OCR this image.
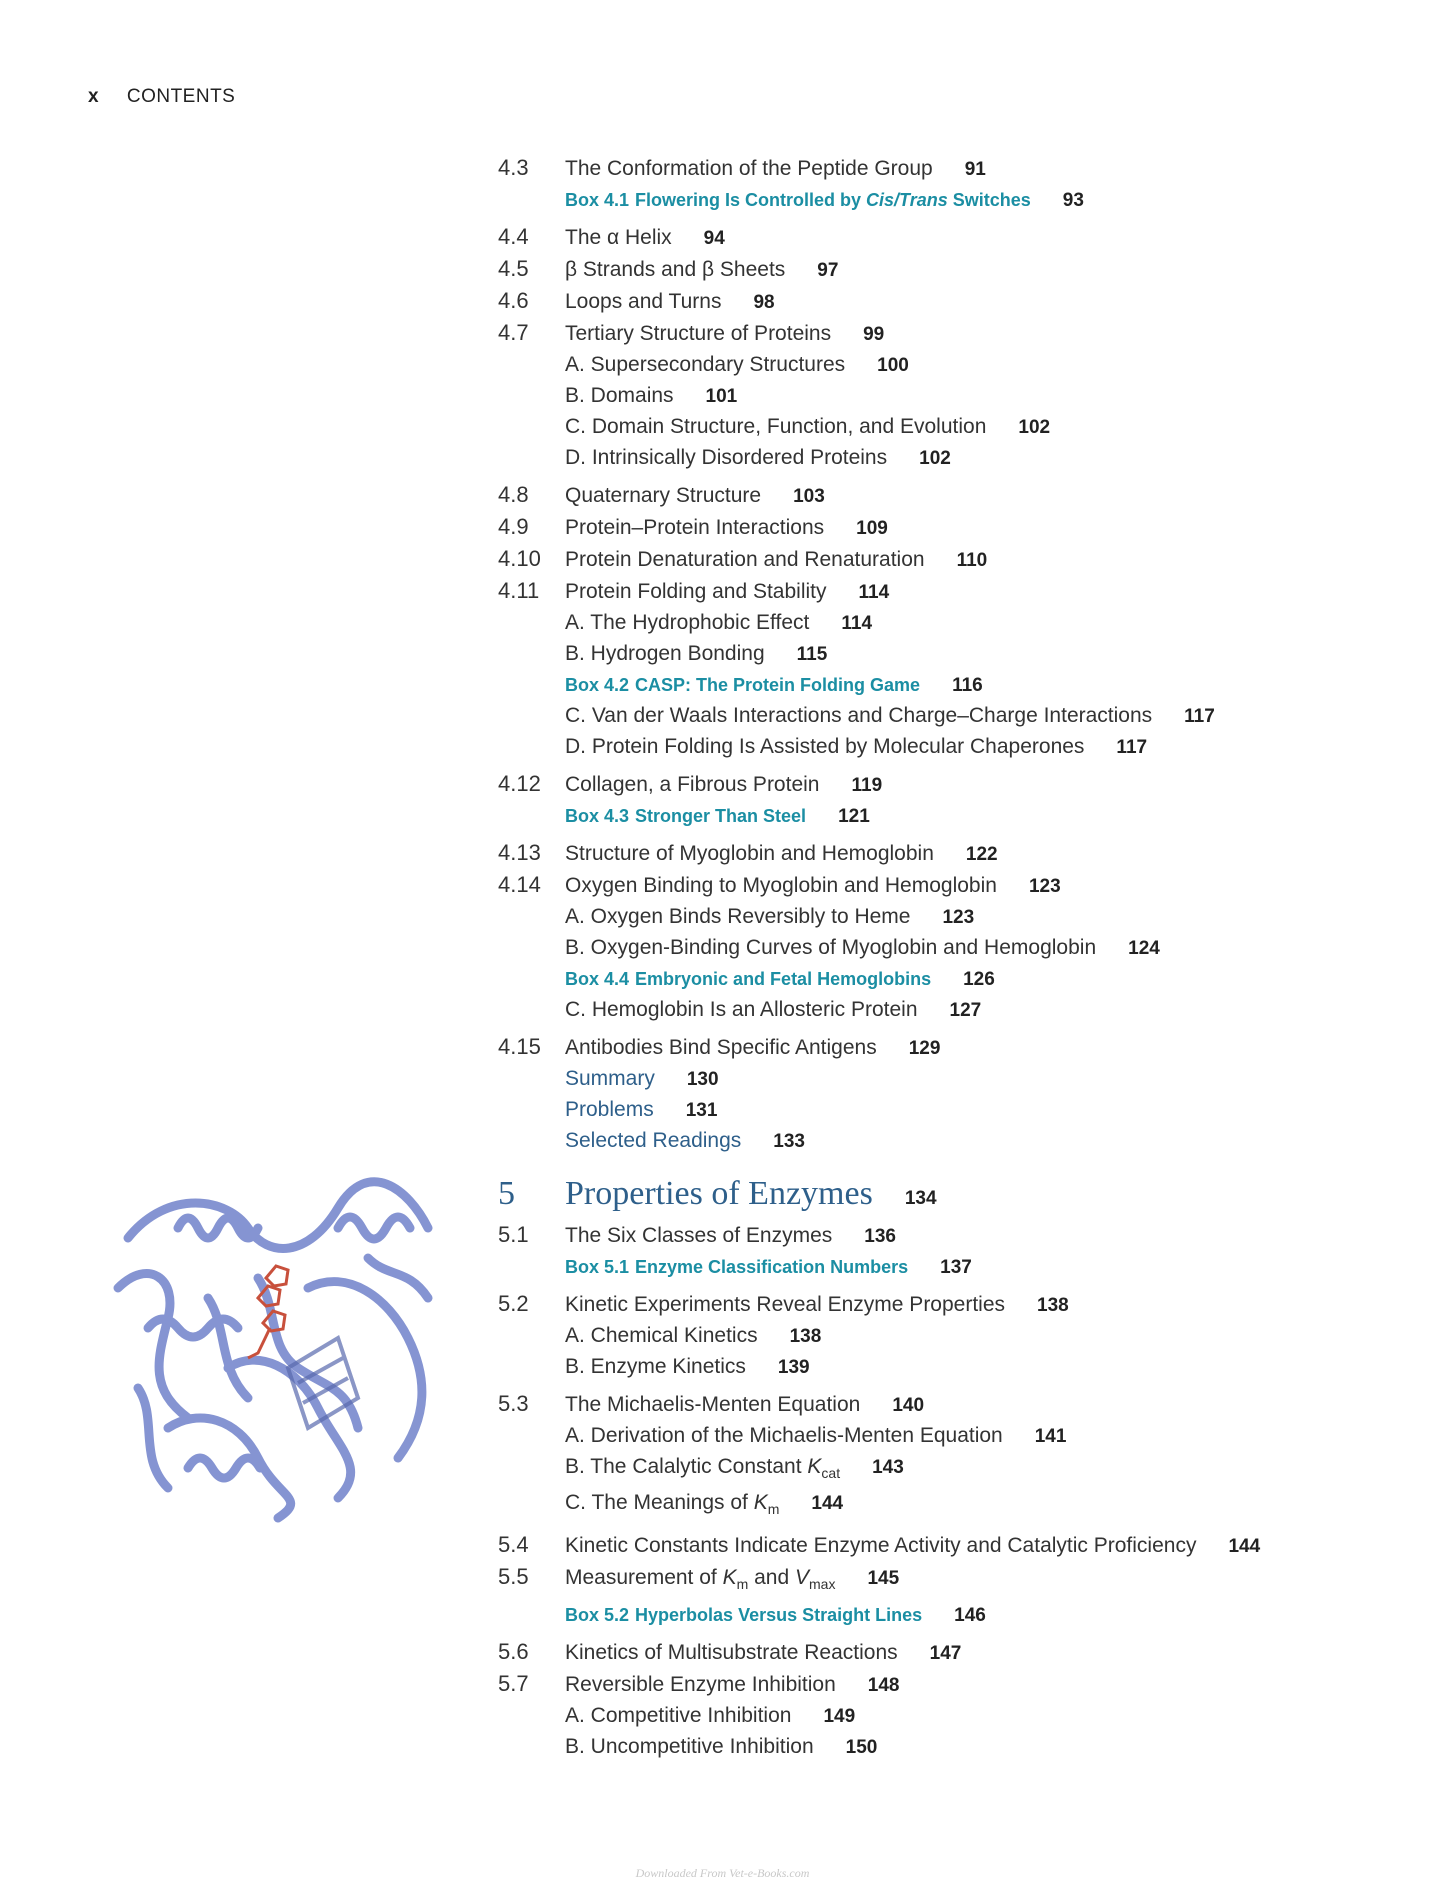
x CONTENTS
4.3	The Conformation of the Peptide Group 91
Box 4.1 Flowering Is Controlled by Cis/Trans Switches 93
4.4	The α Helix 94
4.5	β Strands and β Sheets 97
4.6	Loops and Turns 98
4.7	Tertiary Structure of Proteins 99
A. Supersecondary Structures 100
B. Domains 101
C. Domain Structure, Function, and Evolution 102
D. Intrinsically Disordered Proteins 102
4.8	Quaternary Structure 103
4.9	Protein–Protein Interactions 109
4.10	Protein Denaturation and Renaturation 110
4.11	Protein Folding and Stability 114
A. The Hydrophobic Effect 114
B. Hydrogen Bonding 115
Box 4.2 CASP: The Protein Folding Game 116
C. Van der Waals Interactions and Charge–Charge Interactions 117
D. Protein Folding Is Assisted by Molecular Chaperones 117
4.12	Collagen, a Fibrous Protein 119
Box 4.3 Stronger Than Steel 121
4.13	Structure of Myoglobin and Hemoglobin 122
4.14	Oxygen Binding to Myoglobin and Hemoglobin 123
A. Oxygen Binds Reversibly to Heme 123
B. Oxygen-Binding Curves of Myoglobin and Hemoglobin 124
Box 4.4 Embryonic and Fetal Hemoglobins 126
C. Hemoglobin Is an Allosteric Protein 127
4.15	Antibodies Bind Specific Antigens 129
Summary 130
Problems 131
Selected Readings 133
5	Properties of Enzymes 134
5.1	The Six Classes of Enzymes 136
Box 5.1 Enzyme Classification Numbers 137
5.2	Kinetic Experiments Reveal Enzyme Properties 138
A. Chemical Kinetics 138
B. Enzyme Kinetics 139
5.3	The Michaelis-Menten Equation 140
A. Derivation of the Michaelis-Menten Equation 141
B. The Calalytic Constant $K_{cat}$ 143
C. The Meanings of $K_m$ 144
5.4	Kinetic Constants Indicate Enzyme Activity and Catalytic Proficiency 144
5.5	Measurement of $K_m$ and $V_{max}$ 145
Box 5.2 Hyperbolas Versus Straight Lines 146
5.6	Kinetics of Multisubstrate Reactions 147
5.7	Reversible Enzyme Inhibition 148
A. Competitive Inhibition 149
B. Uncompetitive Inhibition 150
Downloaded From Vet-e-Books.com
